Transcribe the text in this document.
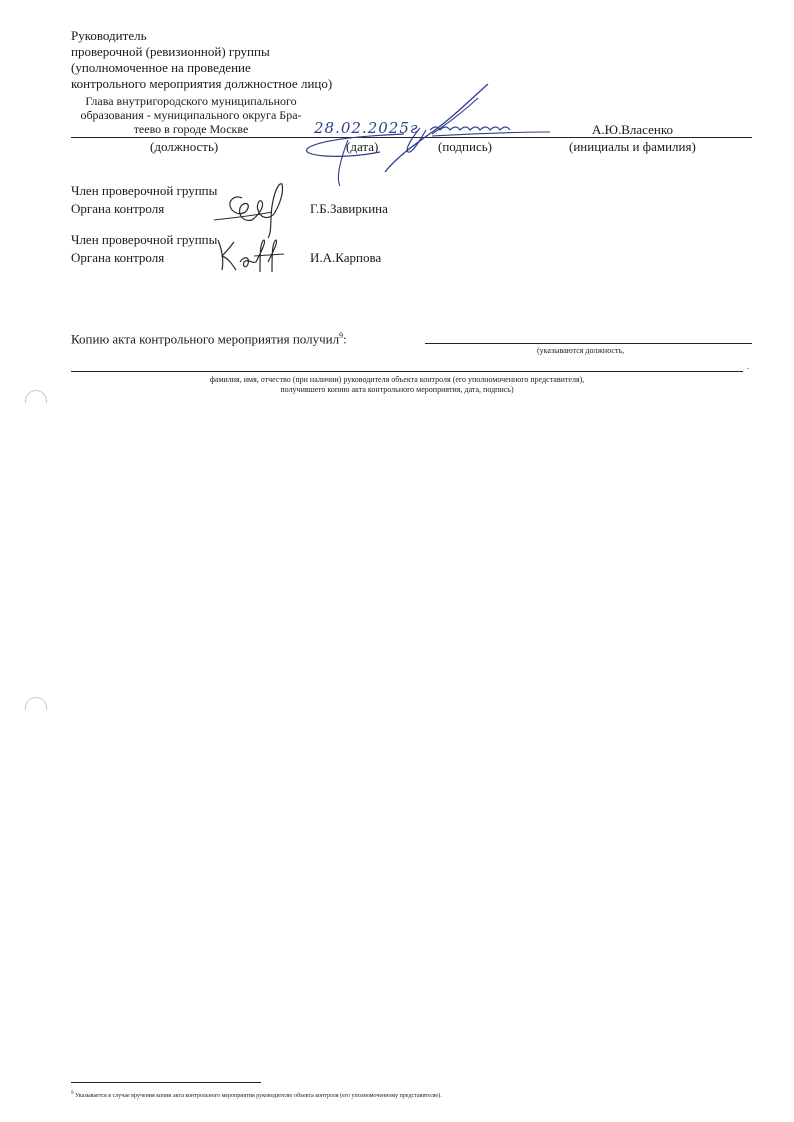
Руководитель
проверочной (ревизионной) группы
(уполномоченное на проведение
контрольного мероприятия должностное лицо)
Глава внутригородского муниципального
образования - муниципального округа Бра-
теево в городе Москве	28.02.2025г	А.Ю.Власенко
(должность)	(дата)	(подпись)	(инициалы и фамилия)
Член проверочной группы
Органа контроля	Г.Б.Завиркина
Член проверочной группы
Органа контроля	И.А.Карпова
Копию акта контрольного мероприятия получил$^9$:
(указываются должность,
.
фамилия, имя, отчество (при наличии) руководителя объекта контроля (его уполномоченного представителя),
получившего копию акта контрольного мероприятия, дата, подпись)
$^9$ Указывается в случае вручения копии акта контрольного мероприятия руководителю объекта контроля (его уполномоченному представителю).
